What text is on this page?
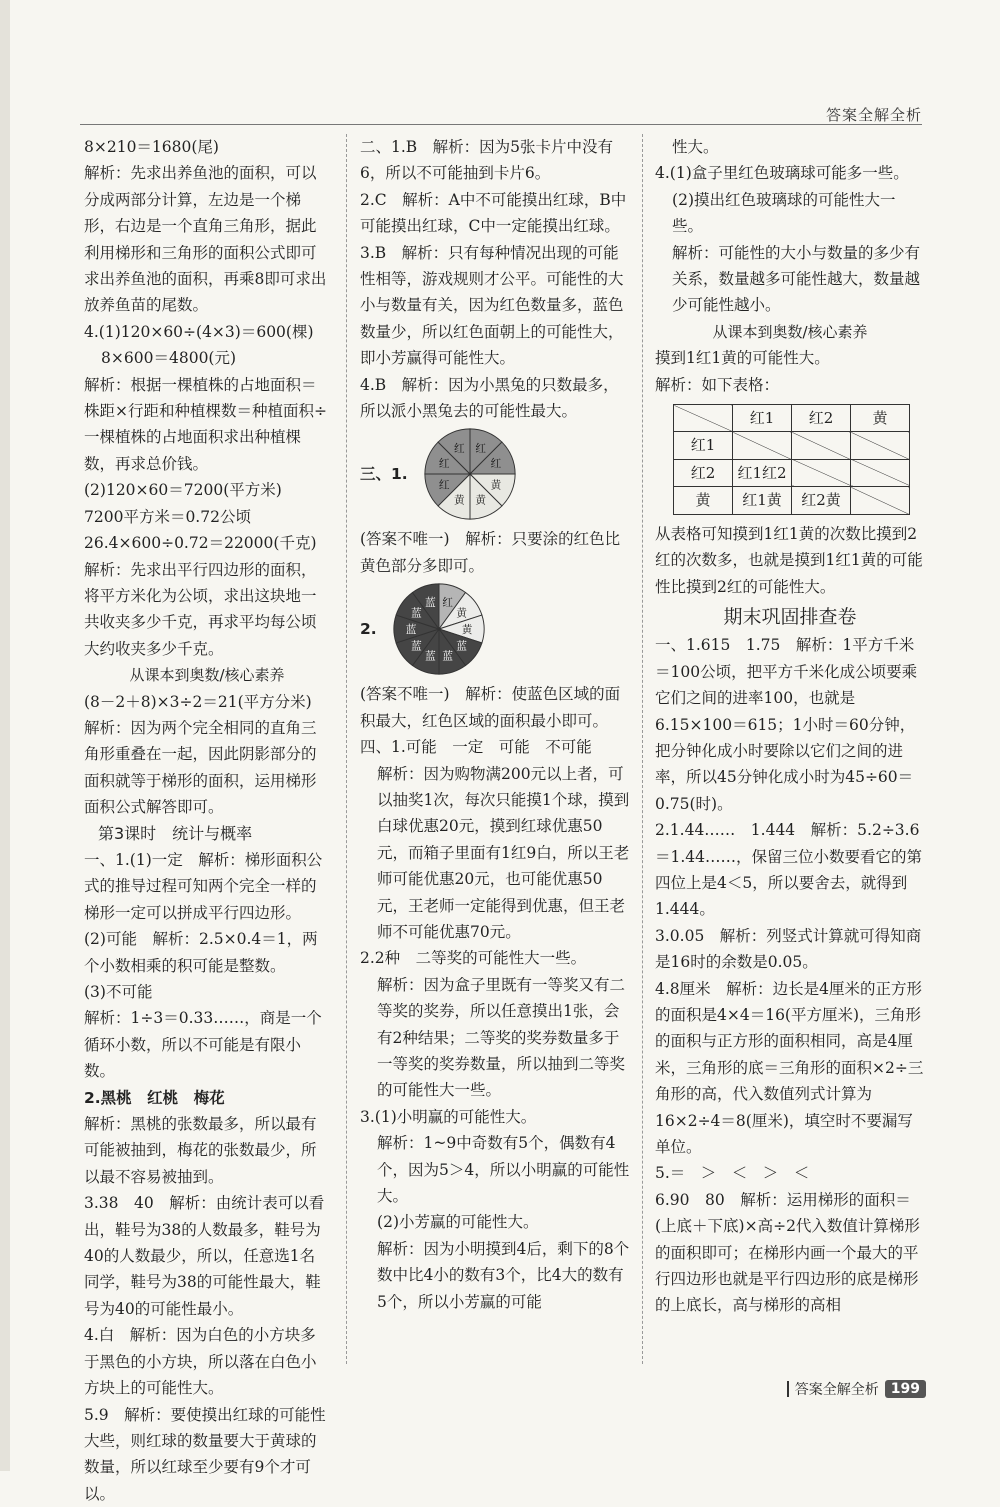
答案全解全析
8×210＝1680(尾)
解析：先求出养鱼池的面积，可以分成两部分计算，左边是一个梯形，右边是一个直角三角形，据此利用梯形和三角形的面积公式即可求出养鱼池的面积，再乘8即可求出放养鱼苗的尾数。
4.(1)120×60÷(4×3)＝600(棵)
8×600＝4800(元)
解析：根据一棵植株的占地面积＝株距×行距和种植棵数＝种植面积÷一棵植株的占地面积求出种植棵数，再求总价钱。
(2)120×60＝7200(平方米)
7200平方米＝0.72公顷
26.4×600÷0.72＝22000(千克)
解析：先求出平行四边形的面积，将平方米化为公顷，求出这块地一共收夹多少千克，再求平均每公顷大约收夹多少千克。
从课本到奥数/核心素养
(8－2＋8)×3÷2＝21(平方分米)
解析：因为两个完全相同的直角三角形重叠在一起，因此阴影部分的面积就等于梯形的面积，运用梯形面积公式解答即可。
第3课时　统计与概率
一、1.(1)一定　解析：梯形面积公式的推导过程可知两个完全一样的梯形一定可以拼成平行四边形。
(2)可能　解析：2.5×0.4＝1，两个小数相乘的积可能是整数。
(3)不可能
解析：1÷3＝0.33……，商是一个循环小数，所以不可能是有限小数。
2.黑桃　红桃　梅花
解析：黑桃的张数最多，所以最有可能被抽到，梅花的张数最少，所以最不容易被抽到。
3.38　40　解析：由统计表可以看出，鞋号为38的人数最多，鞋号为40的人数最少，所以，任意选1名同学，鞋号为38的可能性最大，鞋号为40的可能性最小。
4.白　解析：因为白色的小方块多于黑色的小方块，所以落在白色小方块上的可能性大。
5.9　解析：要使摸出红球的可能性大些，则红球的数量要大于黄球的数量，所以红球至少要有9个才可以。
二、1.B　解析：因为5张卡片中没有6，所以不可能抽到卡片6。
2.C　解析：A中不可能摸出红球，B中可能摸出红球，C中一定能摸出红球。
3.B　解析：只有每种情况出现的可能性相等，游戏规则才公平。可能性的大小与数量有关，因为红色数量多，蓝色数量少，所以红色面朝上的可能性大，即小芳赢得可能性大。
4.B　解析：因为小黑兔的只数最多，所以派小黑兔去的可能性最大。
三、1.
红
红
黄
黄
黄
红
红
红
(答案不唯一)　解析：只要涂的红色比黄色部分多即可。
2.
红
黄
黄
蓝
蓝
蓝
蓝
蓝
蓝
蓝
(答案不唯一)　解析：使蓝色区域的面积最大，红色区域的面积最小即可。
四、1.可能　一定　可能　不可能
解析：因为购物满200元以上者，可以抽奖1次，每次只能摸1个球，摸到白球优惠20元，摸到红球优惠50元，而箱子里面有1红9白，所以王老师可能优惠20元，也可能优惠50元，王老师一定能得到优惠，但王老师不可能优惠70元。
2.2种　二等奖的可能性大一些。
解析：因为盒子里既有一等奖又有二等奖的奖券，所以任意摸出1张，会有2种结果；二等奖的奖券数量多于一等奖的奖券数量，所以抽到二等奖的可能性大一些。
3.(1)小明赢的可能性大。
解析：1~9中奇数有5个，偶数有4个，因为5＞4，所以小明赢的可能性大。
(2)小芳赢的可能性大。
解析：因为小明摸到4后，剩下的8个数中比4小的数有3个，比4大的数有5个，所以小芳赢的可能
性大。
4.(1)盒子里红色玻璃球可能多一些。
(2)摸出红色玻璃球的可能性大一些。
解析：可能性的大小与数量的多少有关系，数量越多可能性越大，数量越少可能性越小。
从课本到奥数/核心素养
摸到1红1黄的可能性大。
解析：如下表格：
	红1	红2	黄
红1			
红2	红1红2		
黄	红1黄	红2黄	
从表格可知摸到1红1黄的次数比摸到2红的次数多，也就是摸到1红1黄的可能性比摸到2红的可能性大。
期末巩固排查卷
一、1.615　1.75　解析：1平方千米＝100公顷，把平方千米化成公顷要乘它们之间的进率100，也就是6.15×100＝615；1小时＝60分钟，把分钟化成小时要除以它们之间的进率，所以45分钟化成小时为45÷60＝0.75(时)。
2.1.44……　1.444　解析：5.2÷3.6＝1.44……，保留三位小数要看它的第四位上是4＜5，所以要舍去，就得到1.444。
3.0.05　解析：列竖式计算就可得知商是16时的余数是0.05。
4.8厘米　解析：边长是4厘米的正方形的面积是4×4＝16(平方厘米)，三角形的面积与正方形的面积相同，高是4厘米，三角形的底＝三角形的面积×2÷三角形的高，代入数值列式计算为16×2÷4＝8(厘米)，填空时不要漏写单位。
5.＝　＞　＜　＞　＜
6.90　80　解析：运用梯形的面积＝(上底＋下底)×高÷2代入数值计算梯形的面积即可；在梯形内画一个最大的平行四边形也就是平行四边形的底是梯形的上底长，高与梯形的高相
答案全解全析 199
